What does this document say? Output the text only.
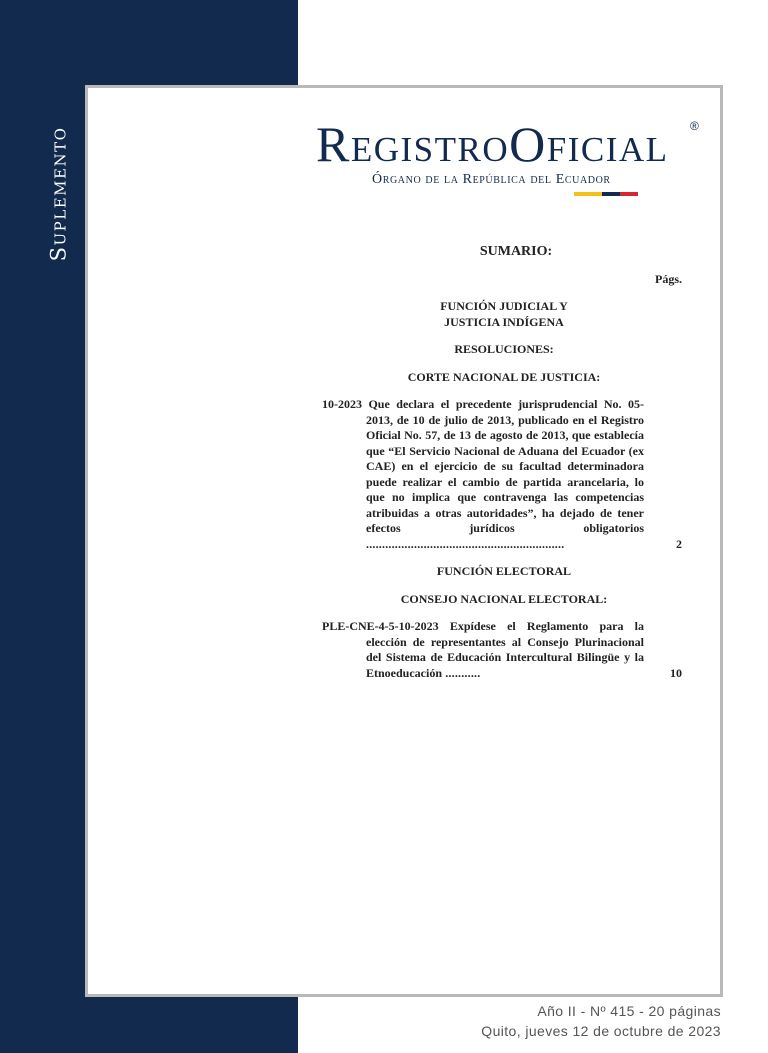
Suplemento	RegistroOficial ®
Órgano de la República del Ecuador
SUMARIO:
Págs.
FUNCIÓN JUDICIAL Y
JUSTICIA INDÍGENA
RESOLUCIONES:
CORTE NACIONAL DE JUSTICIA:
10-2023 Que declara el precedente jurisprudencial No. 05-2013, de 10 de julio de 2013, publicado en el Registro Oficial No. 57, de 13 de agosto de 2013, que establecía que “El Servicio Nacional de Aduana del Ecuador (ex CAE) en el ejercicio de su facultad determinadora puede realizar el cambio de partida arancelaria, lo que no implica que contravenga las competencias atribuidas a otras autoridades”, ha dejado de tener efectos jurídicos obligatorios ..............................................................	2
FUNCIÓN ELECTORAL
CONSEJO NACIONAL ELECTORAL:
PLE-CNE-4-5-10-2023 Expídese el Reglamento para la elección de representantes al Consejo Plurinacional del Sistema de Educación Intercultural Bilingüe y la Etnoeducación ...........	10
Año II - Nº 415 - 20 páginas
Quito, jueves 12 de octubre de 2023
